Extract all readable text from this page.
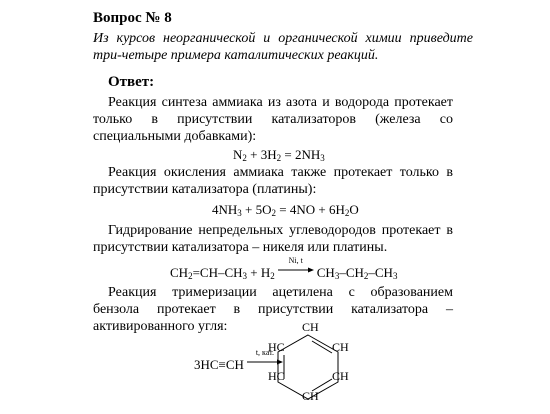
Вопрос № 8
Из курсов неорганической и органической химии приведите три-четыре примера каталитических реакций.
Ответ:
Реакция синтеза аммиака из азота и водорода протекает только в присутствии катализаторов (железа со специальными добавками):
$N_2 + 3H_2 = 2NH_3$
Реакция окисления аммиака также протекает только в присутствии катализатора (платины):
$4NH_3 + 5O_2 = 4NO + 6H_2O$
Гидрирование непредельных углеводородов протекает в присутствии катализатора – никеля или платины.
$CH_2=CH-CH_3 + H_2$
Ni, t
$CH_3-CH_2-CH_3$
Реакция тримеризации ацетилена с образованием бензола протекает в присутствии катализатора – активированного угля:
3HC≡CH
t, кат.
CH
CH
CH
CH
HC
HC
